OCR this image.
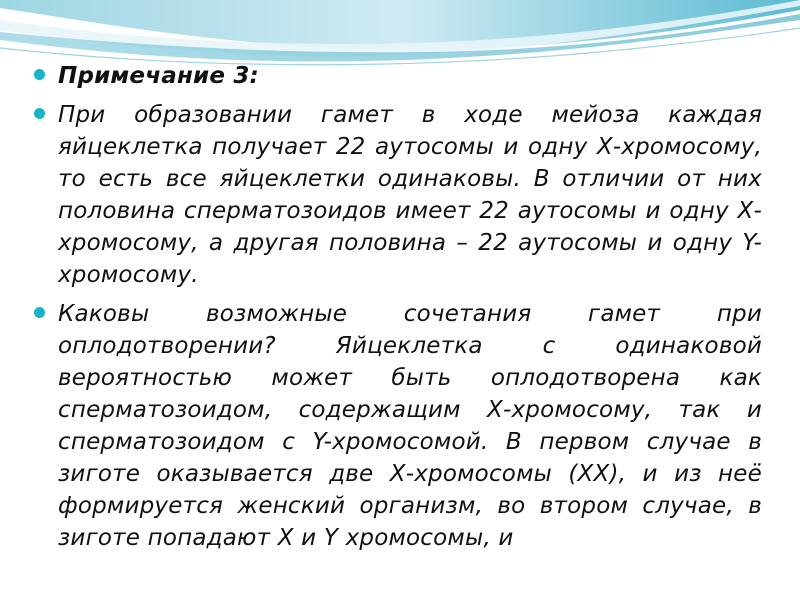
Примечание 3:
При образовании гамет в ходе мейоза каждая яйцеклетка получает 22 аутосомы и одну Х-хромосому, то есть все яйцеклетки одинаковы. В отличии от них половина сперматозоидов имеет 22 аутосомы и одну Х-хромосому, а другая половина – 22 аутосомы и одну Y-хромосому.
Каковы возможные сочетания гамет при оплодотворении? Яйцеклетка с одинаковой вероятностью может быть оплодотворена как сперматозоидом, содержащим Х-хромосому, так и сперматозоидом с Y-хромосомой. В первом случае в зиготе оказывается две Х-хромосомы (ХХ), и из неё формируется женский организм, во втором случае, в зиготе попадают X и Y хромосомы, и
